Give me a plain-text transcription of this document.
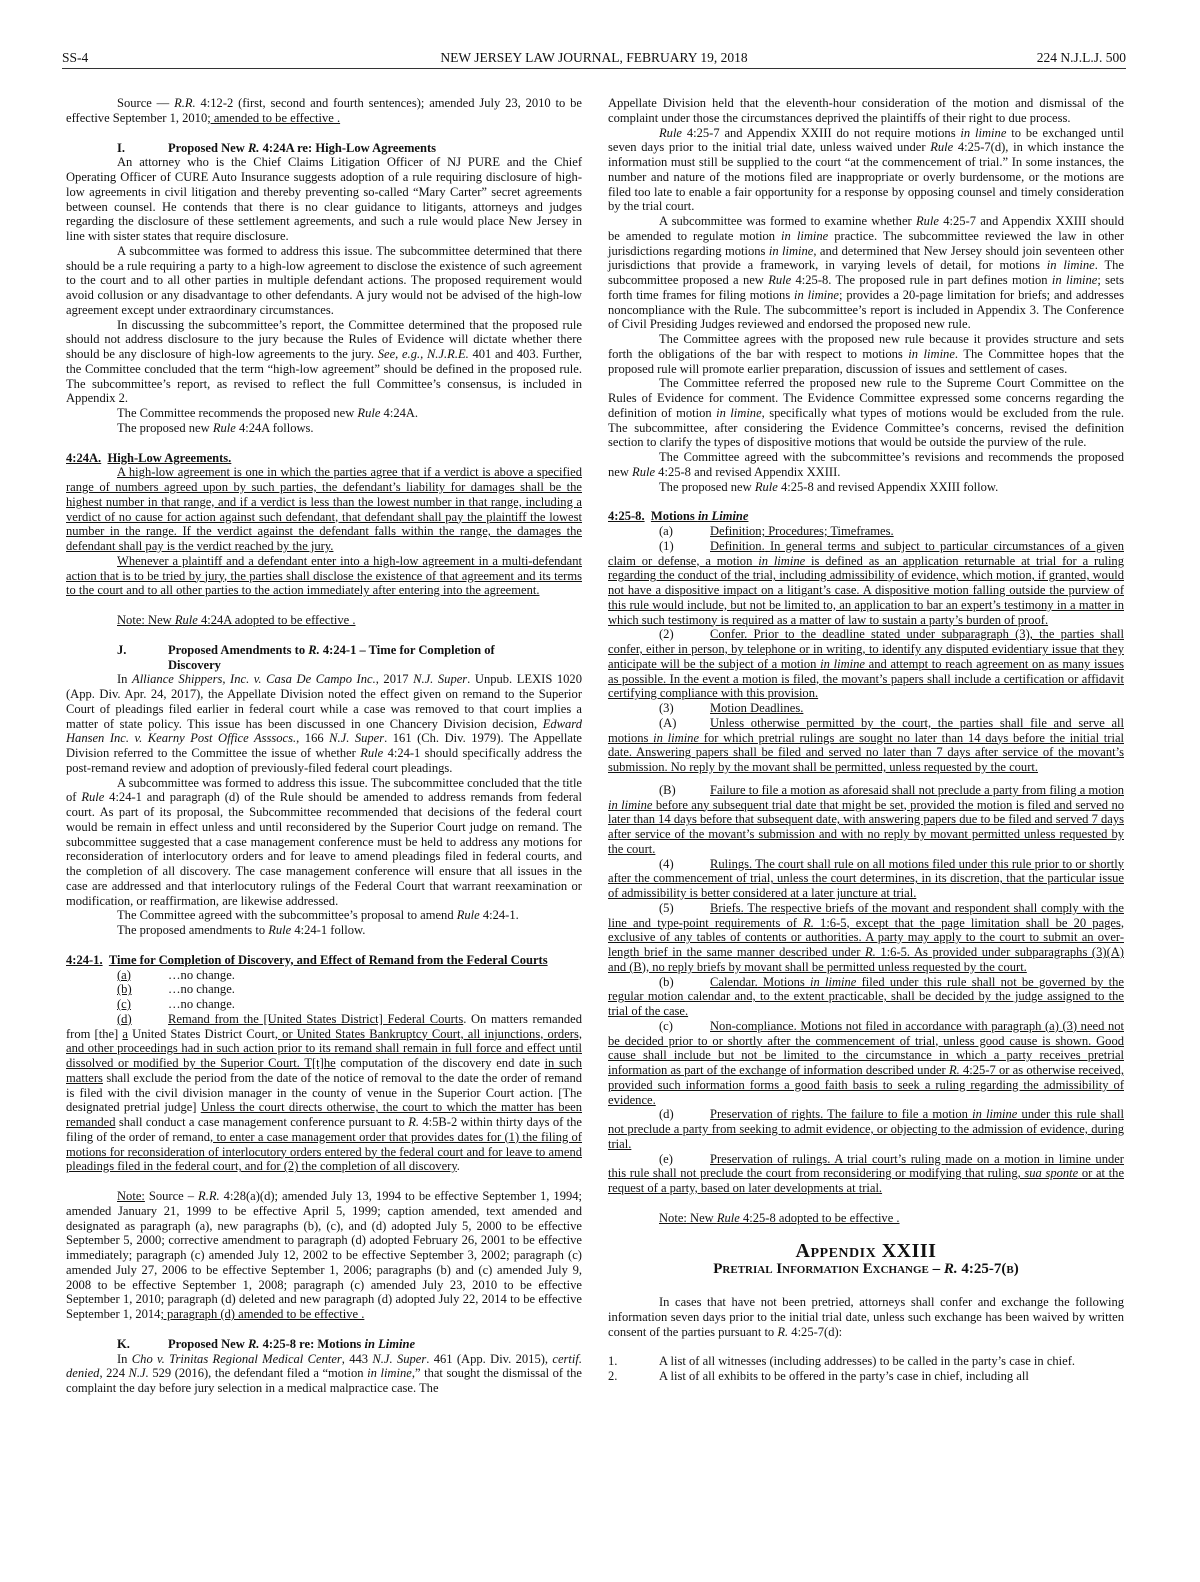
SS-4	NEW JERSEY LAW JOURNAL, FEBRUARY 19, 2018	224 N.J.L.J. 500

Source — R.R. 4:12-2 (first, second and fourth sentences); amended July 23, 2010 to be effective September 1, 2010; amended to be effective .

I.	Proposed New R. 4:24A re: High-Low Agreements

An attorney who is the Chief Claims Litigation Officer of NJ PURE and the Chief Operating Officer of CURE Auto Insurance suggests adoption of a rule requiring disclosure of high-low agreements in civil litigation and thereby preventing so-called “Mary Carter” secret agreements between counsel. He contends that there is no clear guidance to litigants, attorneys and judges regarding the disclosure of these settlement agreements, and such a rule would place New Jersey in line with sister states that require disclosure.

A subcommittee was formed to address this issue. The subcommittee determined that there should be a rule requiring a party to a high-low agreement to disclose the existence of such agreement to the court and to all other parties in multiple defendant actions. The proposed requirement would avoid collusion or any disadvantage to other defendants. A jury would not be advised of the high-low agreement except under extraordinary circumstances.

In discussing the subcommittee’s report, the Committee determined that the proposed rule should not address disclosure to the jury because the Rules of Evidence will dictate whether there should be any disclosure of high-low agreements to the jury. See, e.g., N.J.R.E. 401 and 403. Further, the Committee concluded that the term “high-low agreement” should be defined in the proposed rule. The subcommittee’s report, as revised to reflect the full Committee’s consensus, is included in Appendix 2.

The Committee recommends the proposed new Rule 4:24A.

The proposed new Rule 4:24A follows.

4:24A. High-Low Agreements.

A high-low agreement is one in which the parties agree that if a verdict is above a specified range of numbers agreed upon by such parties, the defendant’s liability for damages shall be the highest number in that range, and if a verdict is less than the lowest number in that range, including a verdict of no cause for action against such defendant, that defendant shall pay the plaintiff the lowest number in the range. If the verdict against the defendant falls within the range, the damages the defendant shall pay is the verdict reached by the jury.

Whenever a plaintiff and a defendant enter into a high-low agreement in a multi-defendant action that is to be tried by jury, the parties shall disclose the existence of that agreement and its terms to the court and to all other parties to the action immediately after entering into the agreement.

Note: New Rule 4:24A adopted to be effective .

J.	Proposed Amendments to R. 4:24-1 – Time for Completion of

Discovery

In Alliance Shippers, Inc. v. Casa De Campo Inc., 2017 N.J. Super. Unpub. LEXIS 1020 (App. Div. Apr. 24, 2017), the Appellate Division noted the effect given on remand to the Superior Court of pleadings filed earlier in federal court while a case was removed to that court implies a matter of state policy. This issue has been discussed in one Chancery Division decision, Edward Hansen Inc. v. Kearny Post Office Asssocs., 166 N.J. Super. 161 (Ch. Div. 1979). The Appellate Division referred to the Committee the issue of whether Rule 4:24-1 should specifically address the post-remand review and adoption of previously-filed federal court pleadings.

A subcommittee was formed to address this issue. The subcommittee concluded that the title of Rule 4:24-1 and paragraph (d) of the Rule should be amended to address remands from federal court. As part of its proposal, the Subcommittee recommended that decisions of the federal court would be remain in effect unless and until reconsidered by the Superior Court judge on remand. The subcommittee suggested that a case management conference must be held to address any motions for reconsideration of interlocutory orders and for leave to amend pleadings filed in federal courts, and the completion of all discovery. The case management conference will ensure that all issues in the case are addressed and that interlocutory rulings of the Federal Court that warrant reexamination or modification, or reaffirmation, are likewise addressed.

The Committee agreed with the subcommittee’s proposal to amend Rule 4:24-1.

The proposed amendments to Rule 4:24-1 follow.

4:24-1. Time for Completion of Discovery, and Effect of Remand from the Federal Courts

(a)	…no change.

(b)	…no change.

(c)	…no change.

(d)	Remand from the [United States District] Federal Courts. On matters remanded from [the] a United States District Court, or United States Bankruptcy Court, all injunctions, orders, and other proceedings had in such action prior to its remand shall remain in full force and effect until dissolved or modified by the Superior Court. T[t]he computation of the discovery end date in such matters shall exclude the period from the date of the notice of removal to the date the order of remand is filed with the civil division manager in the county of venue in the Superior Court action. [The designated pretrial judge] Unless the court directs otherwise, the court to which the matter has been remanded shall conduct a case management conference pursuant to R. 4:5B-2 within thirty days of the filing of the order of remand, to enter a case management order that provides dates for (1) the filing of motions for reconsideration of interlocutory orders entered by the federal court and for leave to amend pleadings filed in the federal court, and for (2) the completion of all discovery.

Note: Source – R.R. 4:28(a)(d); amended July 13, 1994 to be effective September 1, 1994; amended January 21, 1999 to be effective April 5, 1999; caption amended, text amended and designated as paragraph (a), new paragraphs (b), (c), and (d) adopted July 5, 2000 to be effective September 5, 2000; corrective amendment to paragraph (d) adopted February 26, 2001 to be effective immediately; paragraph (c) amended July 12, 2002 to be effective September 3, 2002; paragraph (c) amended July 27, 2006 to be effective September 1, 2006; paragraphs (b) and (c) amended July 9, 2008 to be effective September 1, 2008; paragraph (c) amended July 23, 2010 to be effective September 1, 2010; paragraph (d) deleted and new paragraph (d) adopted July 22, 2014 to be effective September 1, 2014; paragraph (d) amended to be effective .

K.	Proposed New R. 4:25-8 re: Motions in Limine

In Cho v. Trinitas Regional Medical Center, 443 N.J. Super. 461 (App. Div. 2015), certif. denied, 224 N.J. 529 (2016), the defendant filed a “motion in limine,” that sought the dismissal of the complaint the day before jury selection in a medical malpractice case. The

Appellate Division held that the eleventh-hour consideration of the motion and dismissal of the complaint under those the circumstances deprived the plaintiffs of their right to due process.

Rule 4:25-7 and Appendix XXIII do not require motions in limine to be exchanged until seven days prior to the initial trial date, unless waived under Rule 4:25-7(d), in which instance the information must still be supplied to the court “at the commencement of trial.” In some instances, the number and nature of the motions filed are inappropriate or overly burdensome, or the motions are filed too late to enable a fair opportunity for a response by opposing counsel and timely consideration by the trial court.

A subcommittee was formed to examine whether Rule 4:25-7 and Appendix XXIII should be amended to regulate motion in limine practice. The subcommittee reviewed the law in other jurisdictions regarding motions in limine, and determined that New Jersey should join seventeen other jurisdictions that provide a framework, in varying levels of detail, for motions in limine. The subcommittee proposed a new Rule 4:25-8. The proposed rule in part defines motion in limine; sets forth time frames for filing motions in limine; provides a 20-page limitation for briefs; and addresses noncompliance with the Rule. The subcommittee’s report is included in Appendix 3. The Conference of Civil Presiding Judges reviewed and endorsed the proposed new rule.

The Committee agrees with the proposed new rule because it provides structure and sets forth the obligations of the bar with respect to motions in limine. The Committee hopes that the proposed rule will promote earlier preparation, discussion of issues and settlement of cases.

The Committee referred the proposed new rule to the Supreme Court Committee on the Rules of Evidence for comment. The Evidence Committee expressed some concerns regarding the definition of motion in limine, specifically what types of motions would be excluded from the rule. The subcommittee, after considering the Evidence Committee’s concerns, revised the definition section to clarify the types of dispositive motions that would be outside the purview of the rule.

The Committee agreed with the subcommittee’s revisions and recommends the proposed new Rule 4:25-8 and revised Appendix XXIII.

The proposed new Rule 4:25-8 and revised Appendix XXIII follow.

4:25-8. Motions in Limine

(a)	Definition; Procedures; Timeframes.

(1)	Definition. In general terms and subject to particular circumstances of a given claim or defense, a motion in limine is defined as an application returnable at trial for a ruling regarding the conduct of the trial, including admissibility of evidence, which motion, if granted, would not have a dispositive impact on a litigant’s case. A dispositive motion falling outside the purview of this rule would include, but not be limited to, an application to bar an expert’s testimony in a matter in which such testimony is required as a matter of law to sustain a party’s burden of proof.

(2)	Confer. Prior to the deadline stated under subparagraph (3), the parties shall confer, either in person, by telephone or in writing, to identify any disputed evidentiary issue that they anticipate will be the subject of a motion in limine and attempt to reach agreement on as many issues as possible. In the event a motion is filed, the movant’s papers shall include a certification or affidavit certifying compliance with this provision.

(3)	Motion Deadlines.

(A)	Unless otherwise permitted by the court, the parties shall file and serve all motions in limine for which pretrial rulings are sought no later than 14 days before the initial trial date. Answering papers shall be filed and served no later than 7 days after service of the movant’s submission. No reply by the movant shall be permitted, unless requested by the court.

(B)	Failure to file a motion as aforesaid shall not preclude a party from filing a motion in limine before any subsequent trial date that might be set, provided the motion is filed and served no later than 14 days before that subsequent date, with answering papers due to be filed and served 7 days after service of the movant’s submission and with no reply by movant permitted unless requested by the court.

(4)	Rulings. The court shall rule on all motions filed under this rule prior to or shortly after the commencement of trial, unless the court determines, in its discretion, that the particular issue of admissibility is better considered at a later juncture at trial.

(5)	Briefs. The respective briefs of the movant and respondent shall comply with the line and type-point requirements of R. 1:6-5, except that the page limitation shall be 20 pages, exclusive of any tables of contents or authorities. A party may apply to the court to submit an over-length brief in the same manner described under R. 1:6-5. As provided under subparagraphs (3)(A) and (B), no reply briefs by movant shall be permitted unless requested by the court.

(b)	Calendar. Motions in limine filed under this rule shall not be governed by the regular motion calendar and, to the extent practicable, shall be decided by the judge assigned to the trial of the case.

(c)	Non-compliance. Motions not filed in accordance with paragraph (a) (3) need not be decided prior to or shortly after the commencement of trial, unless good cause is shown. Good cause shall include but not be limited to the circumstance in which a party receives pretrial information as part of the exchange of information described under R. 4:25-7 or as otherwise received, provided such information forms a good faith basis to seek a ruling regarding the admissibility of evidence.

(d)	Preservation of rights. The failure to file a motion in limine under this rule shall not preclude a party from seeking to admit evidence, or objecting to the admission of evidence, during trial.

(e)	Preservation of rulings. A trial court’s ruling made on a motion in limine under this rule shall not preclude the court from reconsidering or modifying that ruling, sua sponte or at the request of a party, based on later developments at trial.

Note: New Rule 4:25-8 adopted to be effective .

Appendix XXIII
Pretrial Information Exchange – R. 4:25-7(b)

In cases that have not been pretried, attorneys shall confer and exchange the following information seven days prior to the initial trial date, unless such exchange has been waived by written consent of the parties pursuant to R. 4:25-7(d):

1.	A list of all witnesses (including addresses) to be called in the party’s case in chief.

2.	A list of all exhibits to be offered in the party’s case in chief, including all
